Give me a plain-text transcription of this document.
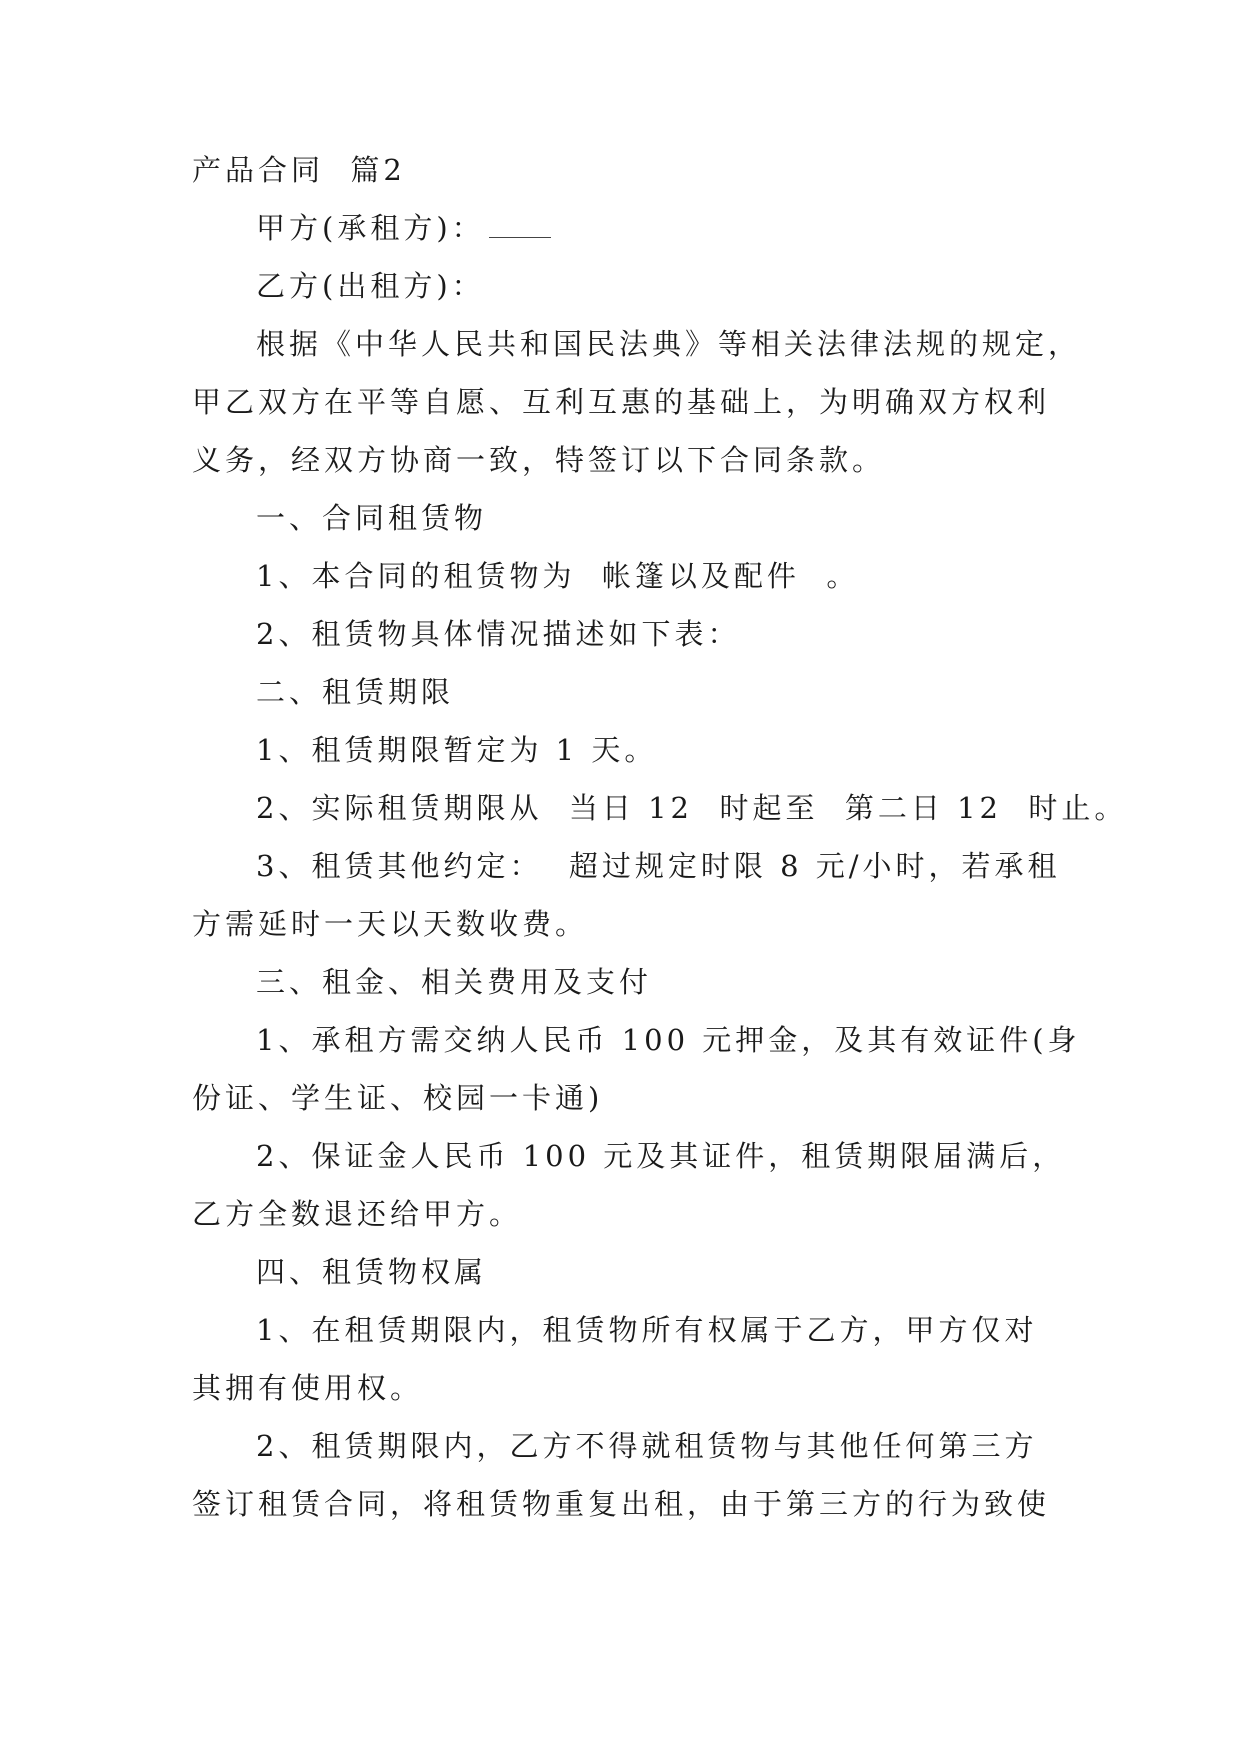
产品合同  篇2
甲方(承租方)：
乙方(出租方)：
根据《中华人民共和国民法典》等相关法律法规的规定，
甲乙双方在平等自愿、互利互惠的基础上，为明确双方权利
义务，经双方协商一致，特签订以下合同条款。
一、合同租赁物
1、本合同的租赁物为  帐篷以及配件  。
2、租赁物具体情况描述如下表：
二、租赁期限
1、租赁期限暂定为 1 天。
2、实际租赁期限从  当日 12  时起至  第二日 12  时止。
3、租赁其他约定：  超过规定时限 8 元/小时，若承租
方需延时一天以天数收费。
三、租金、相关费用及支付
1、承租方需交纳人民币 100 元押金，及其有效证件(身
份证、学生证、校园一卡通)
2、保证金人民币 100 元及其证件，租赁期限届满后，
乙方全数退还给甲方。
四、租赁物权属
1、在租赁期限内，租赁物所有权属于乙方，甲方仅对
其拥有使用权。
2、租赁期限内，乙方不得就租赁物与其他任何第三方
签订租赁合同，将租赁物重复出租，由于第三方的行为致使
